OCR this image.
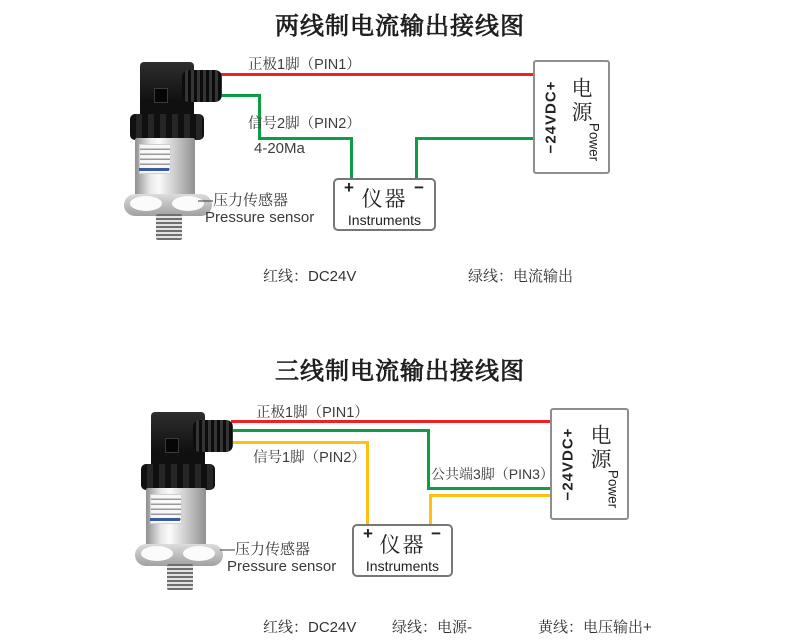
两线制电流输出接线图
正极1脚（PIN1）
信号2脚（PIN2）
4-20Ma
—压力传感器
Pressure sensor
+	−
仪器
Instruments
−24VDC+ 电源
Power
红线：DC24V	绿线：电流输出
三线制电流输出接线图
正极1脚（PIN1）
信号1脚（PIN2）
公共端3脚（PIN3）
—压力传感器
Pressure sensor
+	−
仪器
Instruments
−24VDC+ 电源
Power
红线：DC24V 绿线：电源-	黄线：电压输出+
